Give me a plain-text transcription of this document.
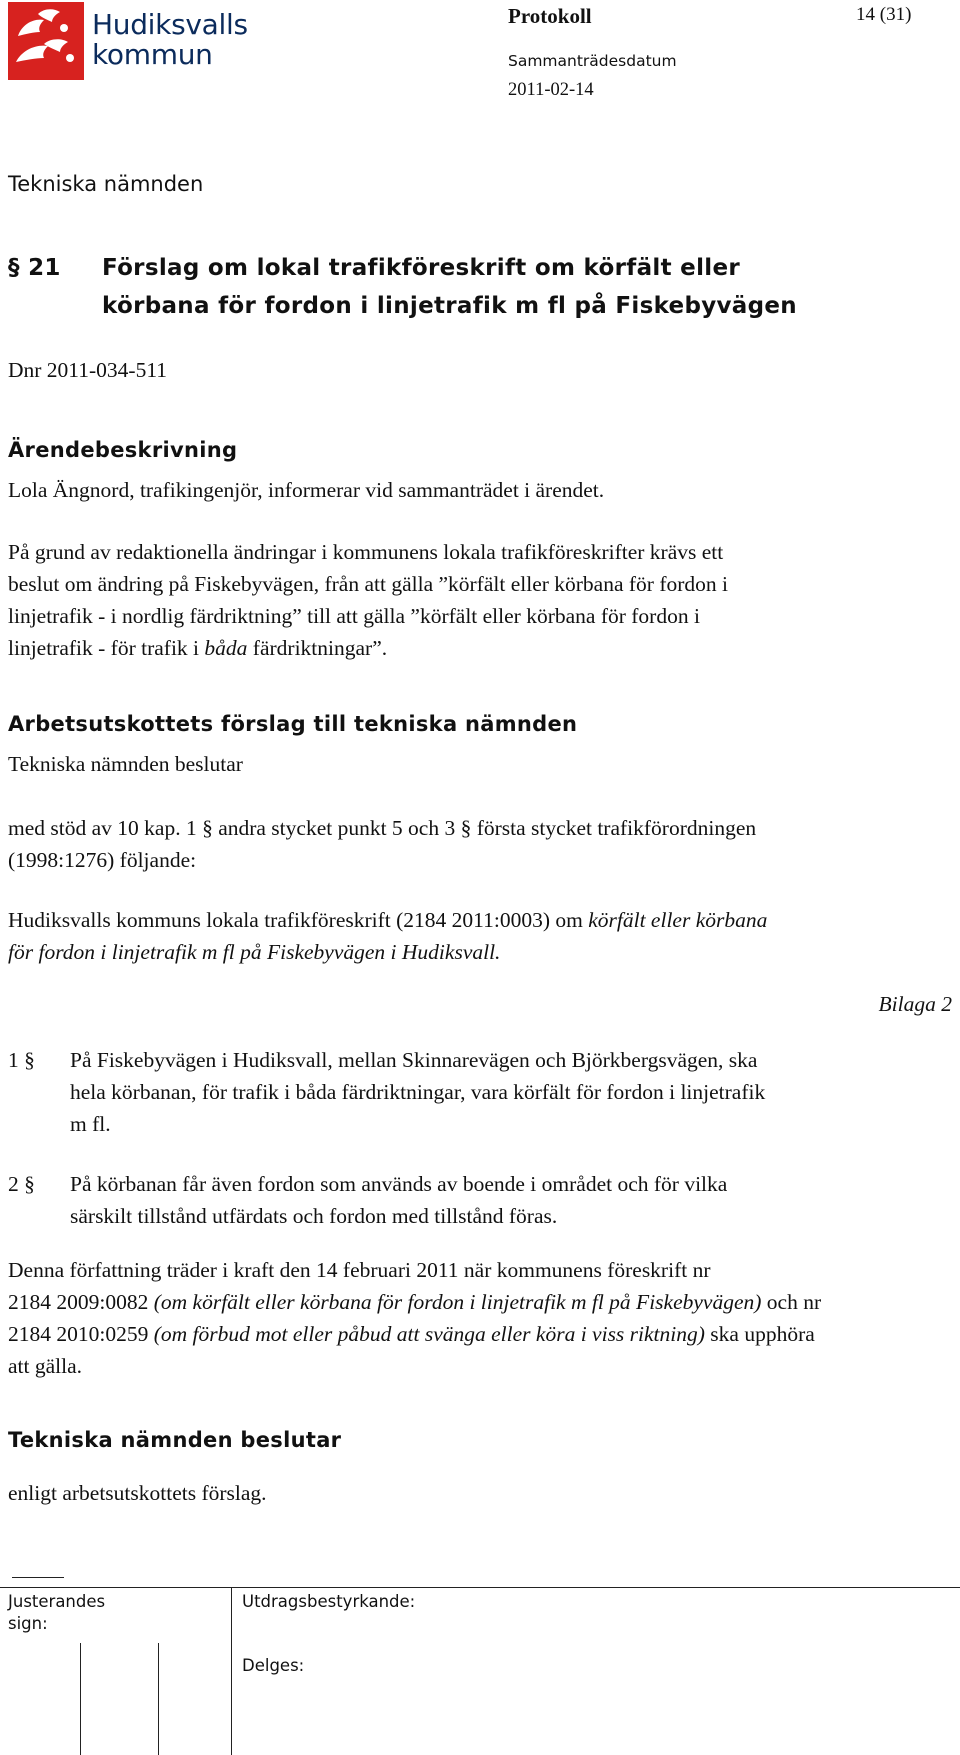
Hudiksvalls
kommun
Protokoll	14 (31)
Sammanträdesdatum
2011-02-14
Tekniska nämnden
§ 21 Förslag om lokal trafikföreskrift om körfält eller
körbana för fordon i linjetrafik m fl på Fiskebyvägen
Dnr 2011-034-511
Ärendebeskrivning
Lola Ängnord, trafikingenjör, informerar vid sammanträdet i ärendet.

På grund av redaktionella ändringar i kommunens lokala trafikföreskrifter krävs ett

beslut om ändring på Fiskebyvägen, från att gälla ”körfält eller körbana för fordon i

linjetrafik - i nordlig färdriktning” till att gälla ”körfält eller körbana för fordon i

linjetrafik - för trafik i båda färdriktningar”.

Arbetsutskottets förslag till tekniska nämnden
Tekniska nämnden beslutar

med stöd av 10 kap. 1 § andra stycket punkt 5 och 3 § första stycket trafikförordningen

(1998:1276) följande:

Hudiksvalls kommuns lokala trafikföreskrift (2184 2011:0003) om körfält eller körbana

för fordon i linjetrafik m fl på Fiskebyvägen i Hudiksvall.

Bilaga 2
1 §	På Fiskebyvägen i Hudiksvall, mellan Skinnarevägen och Björkbergsvägen, ska
hela körbanan, för trafik i båda färdriktningar, vara körfält för fordon i linjetrafik
m fl.
2 §	På körbanan får även fordon som används av boende i området och för vilka
särskilt tillstånd utfärdats och fordon med tillstånd föras.

Denna författning träder i kraft den 14 februari 2011 när kommunens föreskrift nr

2184 2009:0082 (om körfält eller körbana för fordon i linjetrafik m fl på Fiskebyvägen) och nr

2184 2010:0259 (om förbud mot eller påbud att svänga eller köra i viss riktning) ska upphöra

att gälla.

Tekniska nämnden beslutar
enligt arbetsutskottets förslag.
Justerandes
sign:
Utdragsbestyrkande:
Delges:
